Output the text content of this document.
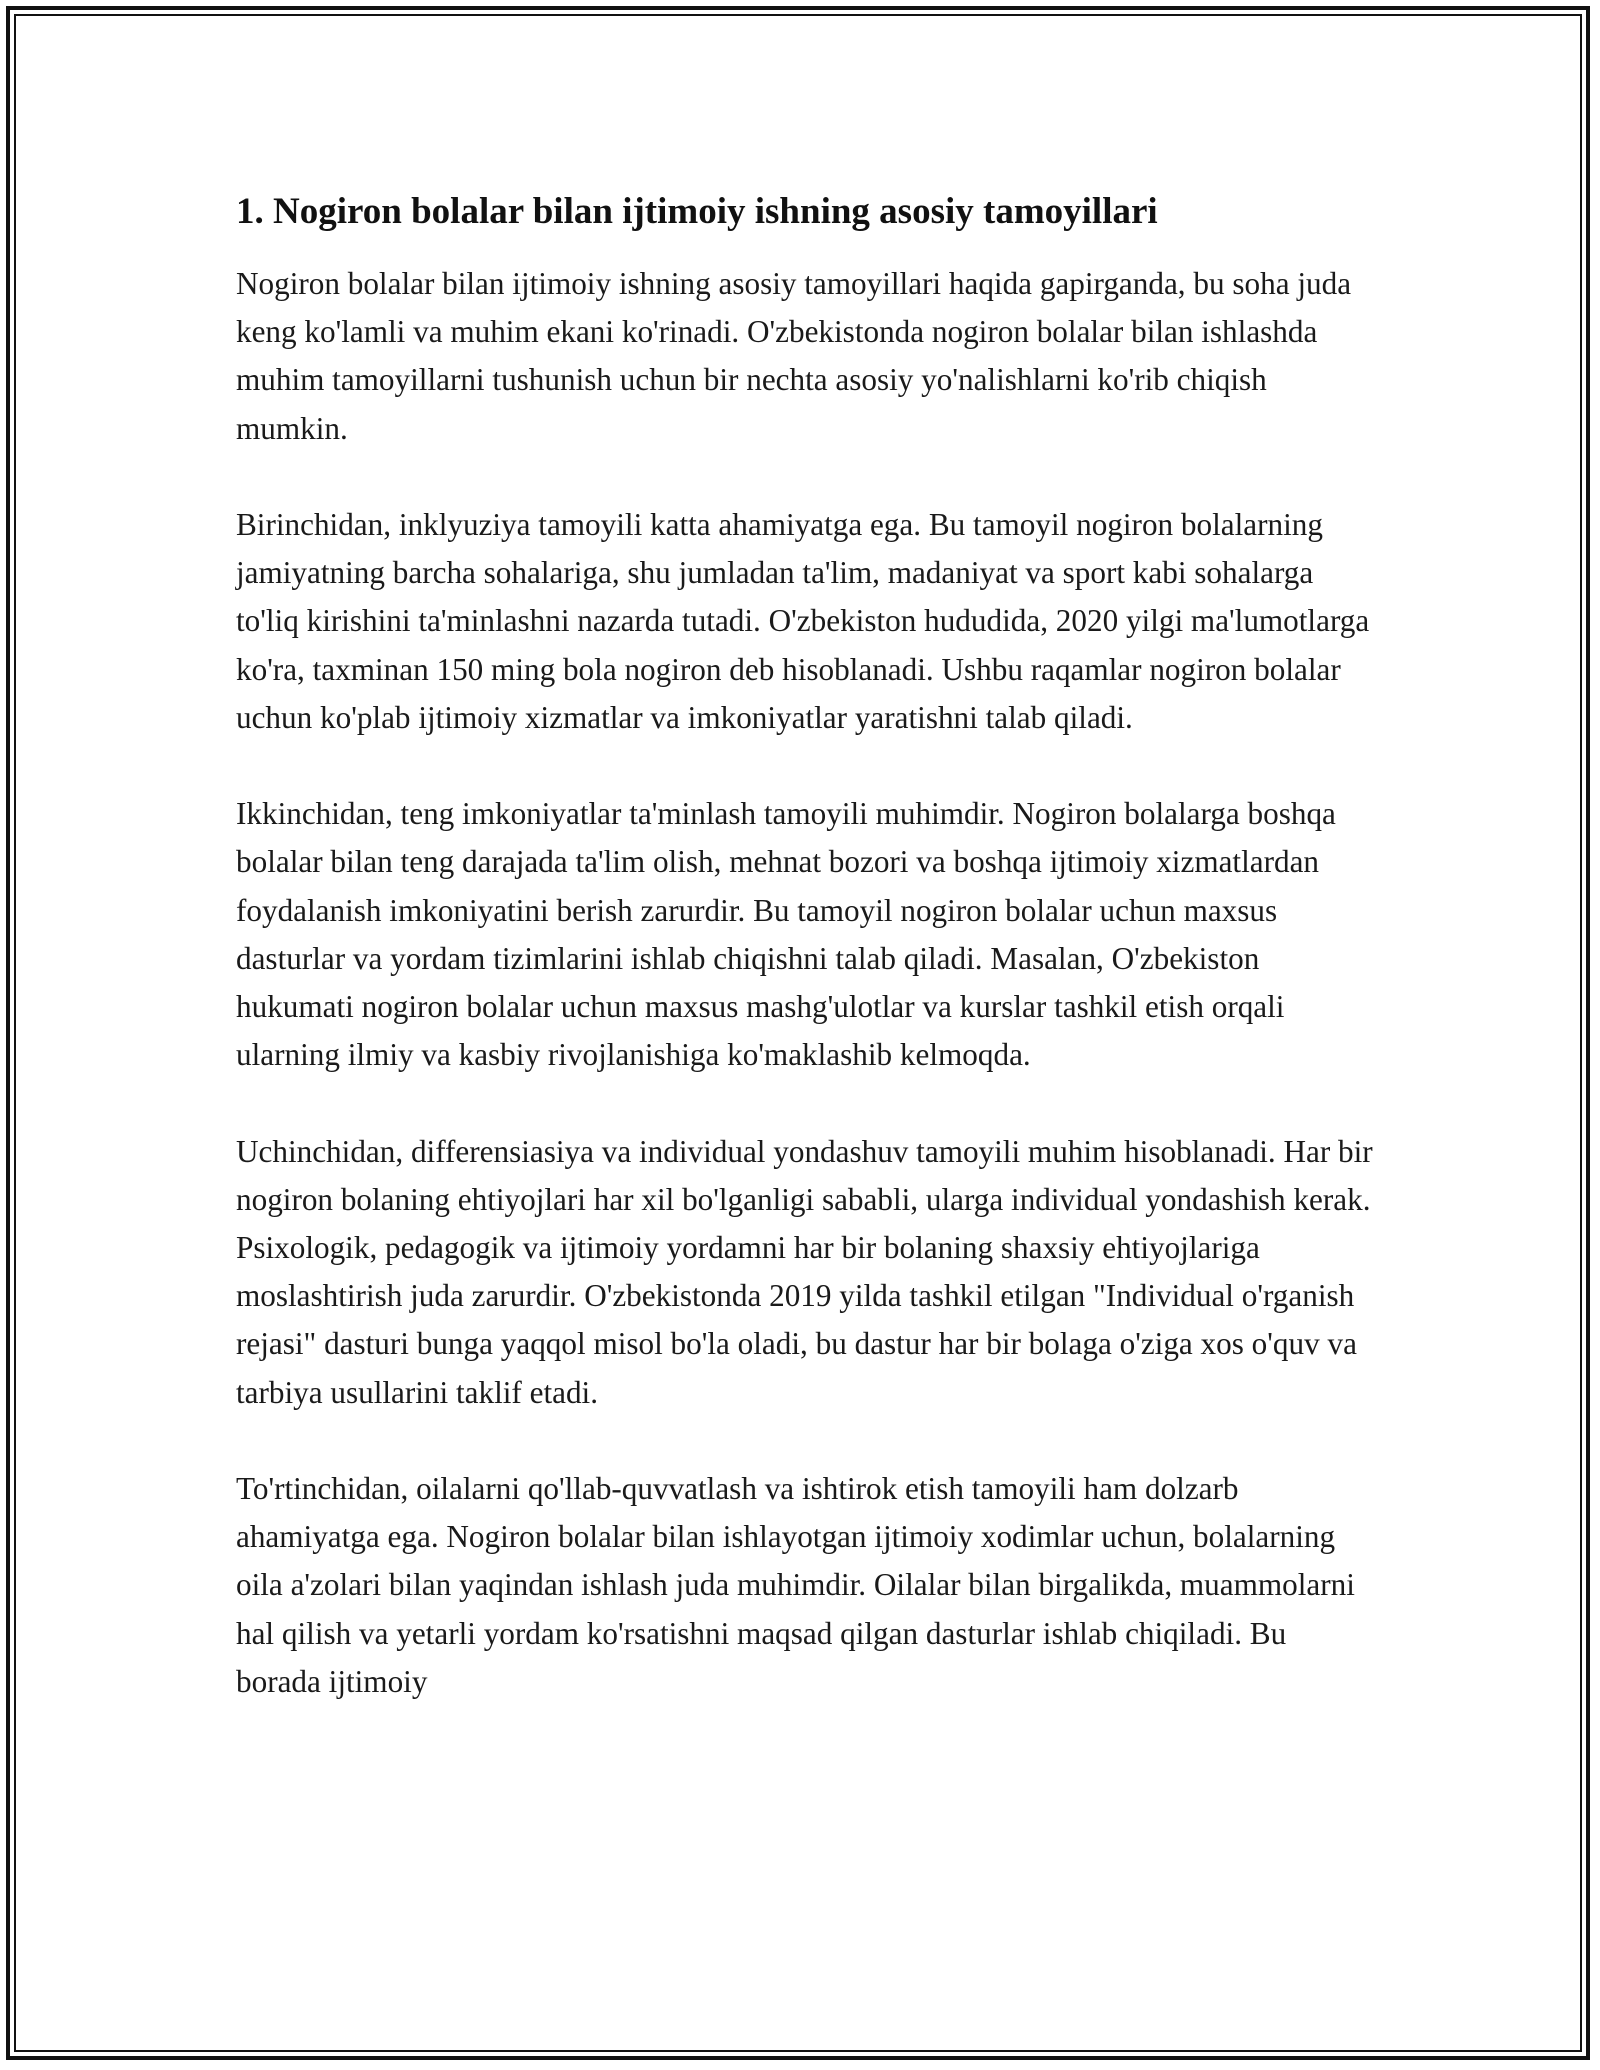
1. Nogiron bolalar bilan ijtimoiy ishning asosiy tamoyillari

Nogiron bolalar bilan ijtimoiy ishning asosiy tamoyillari haqida gapirganda, bu soha juda keng ko'lamli va muhim ekani ko'rinadi. O'zbekistonda nogiron bolalar bilan ishlashda muhim tamoyillarni tushunish uchun bir nechta asosiy yo'nalishlarni ko'rib chiqish mumkin.

Birinchidan, inklyuziya tamoyili katta ahamiyatga ega. Bu tamoyil nogiron bolalarning jamiyatning barcha sohalariga, shu jumladan ta'lim, madaniyat va sport kabi sohalarga to'liq kirishini ta'minlashni nazarda tutadi. O'zbekiston hududida, 2020 yilgi ma'lumotlarga ko'ra, taxminan 150 ming bola nogiron deb hisoblanadi. Ushbu raqamlar nogiron bolalar uchun ko'plab ijtimoiy xizmatlar va imkoniyatlar yaratishni talab qiladi.

Ikkinchidan, teng imkoniyatlar ta'minlash tamoyili muhimdir. Nogiron bolalarga boshqa bolalar bilan teng darajada ta'lim olish, mehnat bozori va boshqa ijtimoiy xizmatlardan foydalanish imkoniyatini berish zarurdir. Bu tamoyil nogiron bolalar uchun maxsus dasturlar va yordam tizimlarini ishlab chiqishni talab qiladi. Masalan, O'zbekiston hukumati nogiron bolalar uchun maxsus mashg'ulotlar va kurslar tashkil etish orqali ularning ilmiy va kasbiy rivojlanishiga ko'maklashib kelmoqda.

Uchinchidan, differensiasiya va individual yondashuv tamoyili muhim hisoblanadi. Har bir nogiron bolaning ehtiyojlari har xil bo'lganligi sababli, ularga individual yondashish kerak. Psixologik, pedagogik va ijtimoiy yordamni har bir bolaning shaxsiy ehtiyojlariga moslashtirish juda zarurdir. O'zbekistonda 2019 yilda tashkil etilgan "Individual o'rganish rejasi" dasturi bunga yaqqol misol bo'la oladi, bu dastur har bir bolaga o'ziga xos o'quv va tarbiya usullarini taklif etadi.

To'rtinchidan, oilalarni qo'llab-quvvatlash va ishtirok etish tamoyili ham dolzarb ahamiyatga ega. Nogiron bolalar bilan ishlayotgan ijtimoiy xodimlar uchun, bolalarning oila a'zolari bilan yaqindan ishlash juda muhimdir. Oilalar bilan birgalikda, muammolarni hal qilish va yetarli yordam ko'rsatishni maqsad qilgan dasturlar ishlab chiqiladi. Bu borada ijtimoiy
